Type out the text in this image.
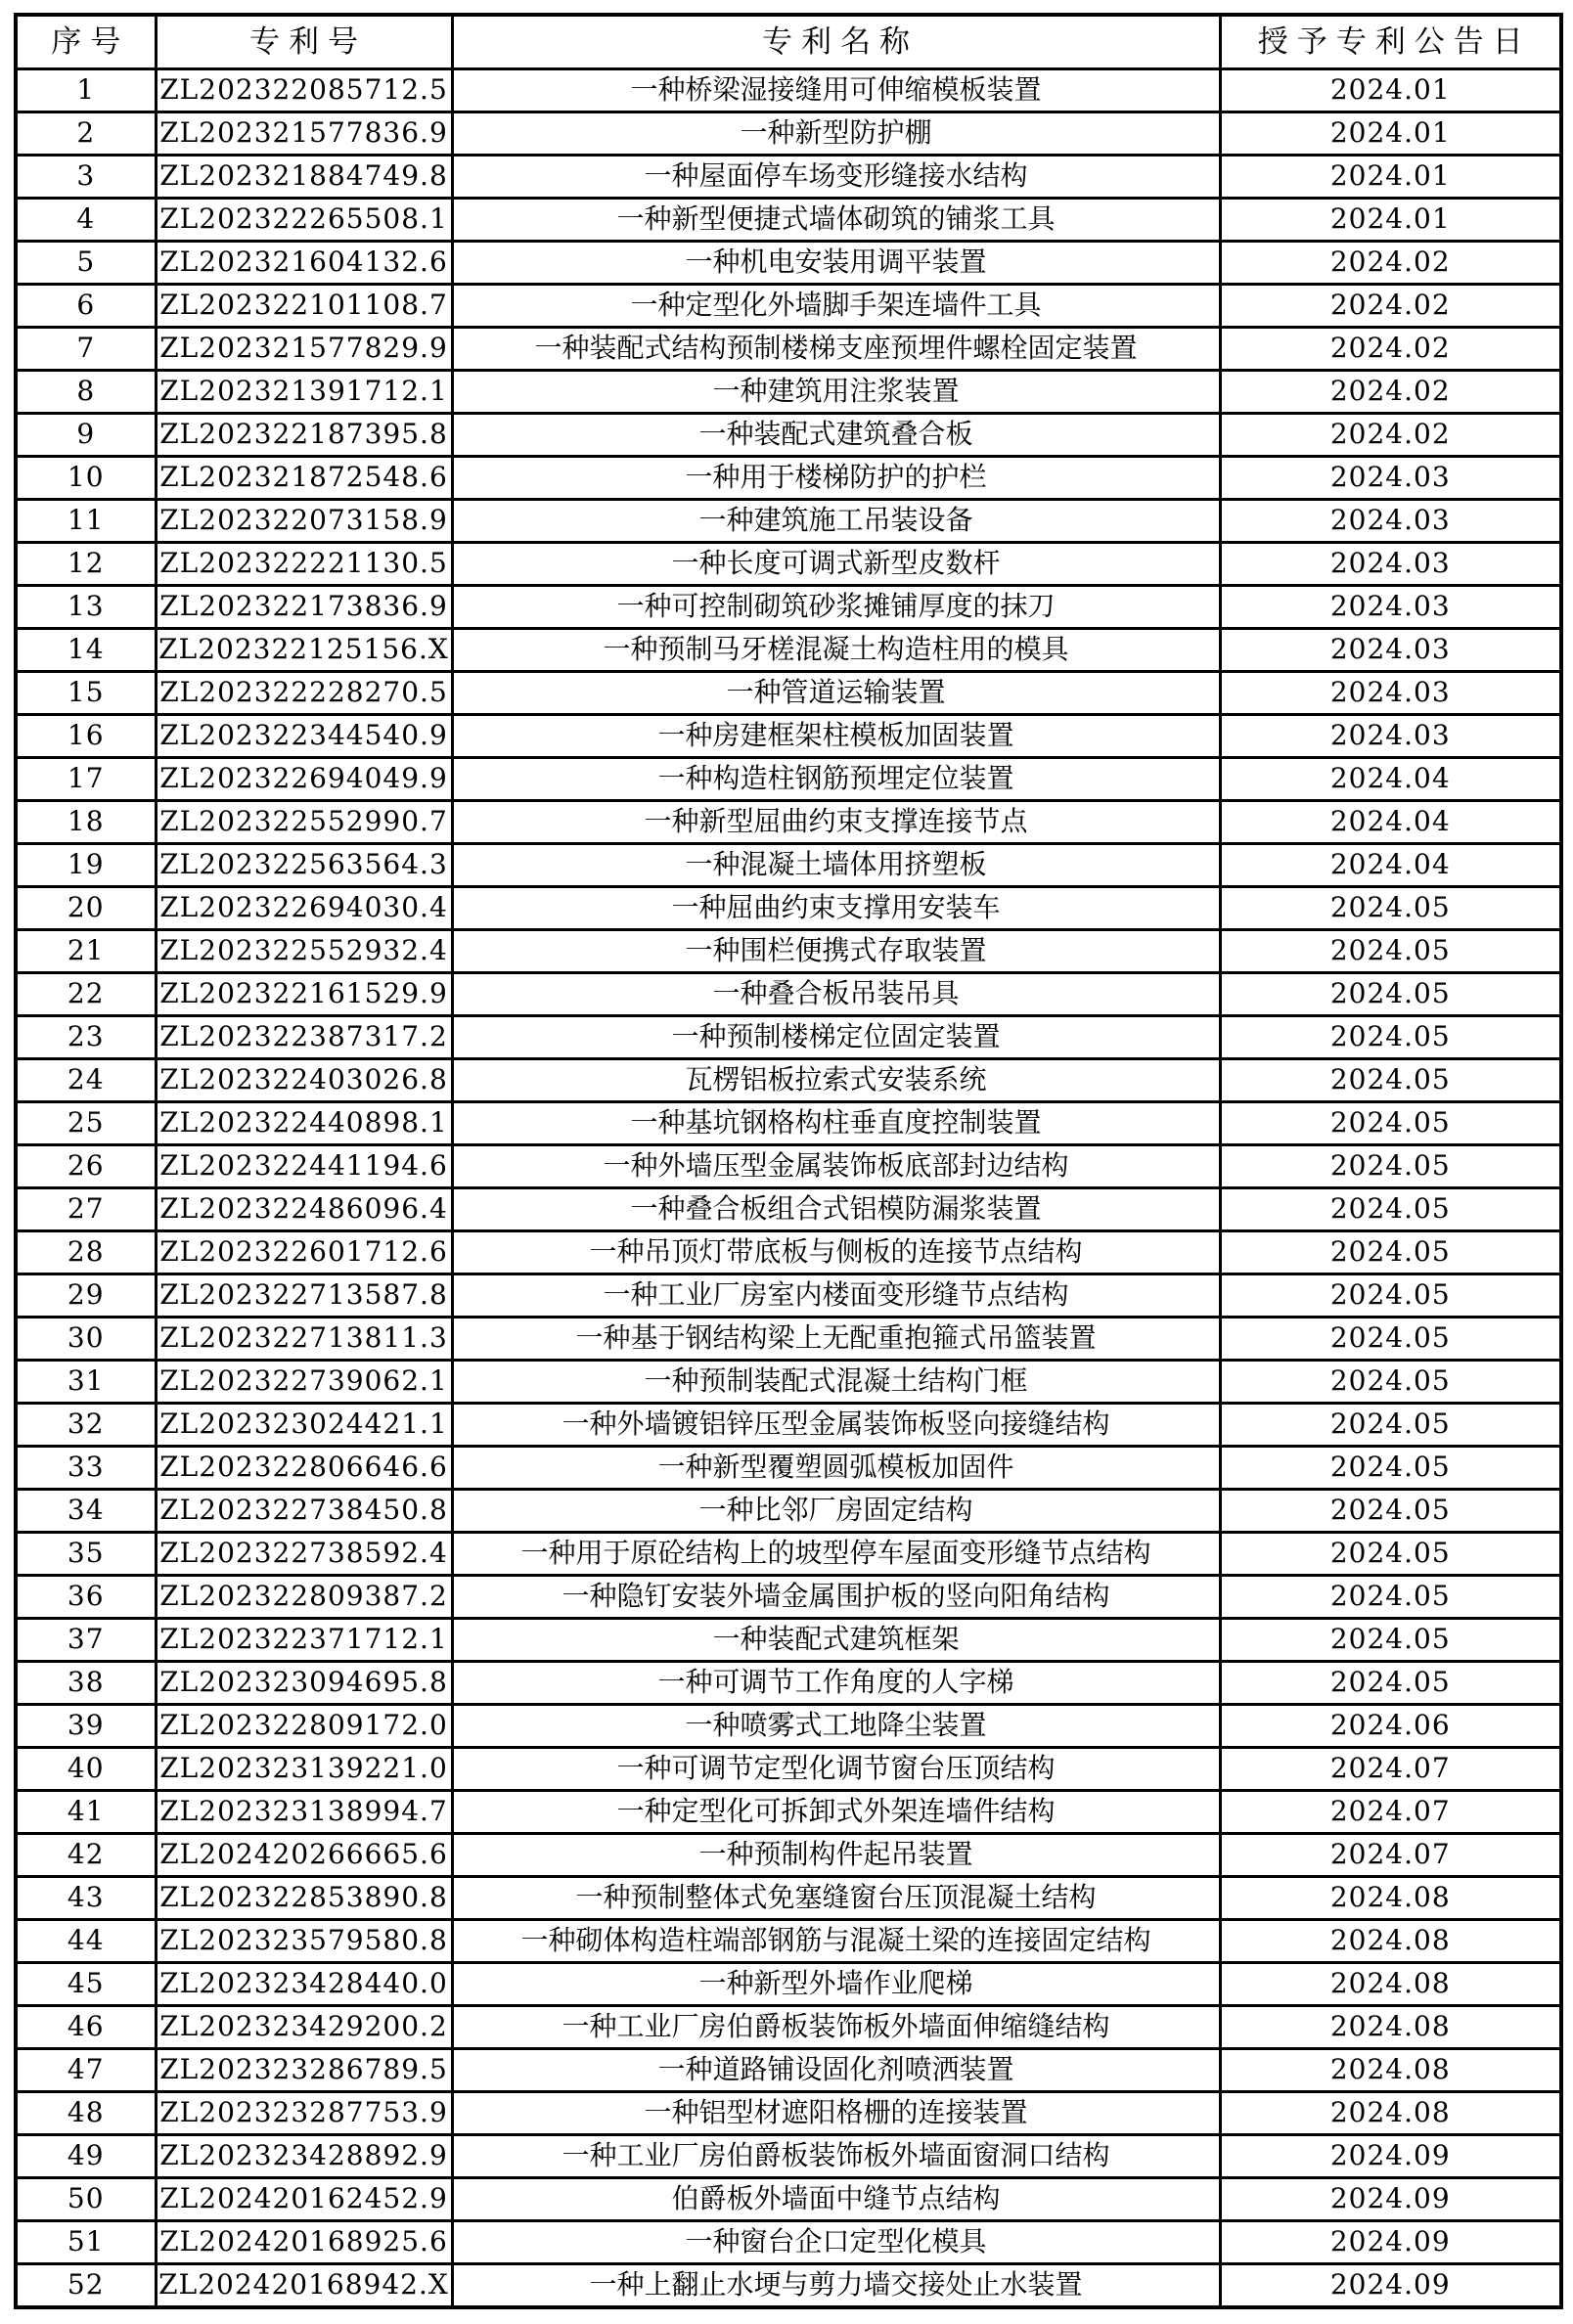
序号	专利号	专利名称	授予专利公告日
1	ZL202322085712.5	一种桥梁湿接缝用可伸缩模板装置	2024.01
2	ZL202321577836.9	一种新型防护棚	2024.01
3	ZL202321884749.8	一种屋面停车场变形缝接水结构	2024.01
4	ZL202322265508.1	一种新型便捷式墙体砌筑的铺浆工具	2024.01
5	ZL202321604132.6	一种机电安装用调平装置	2024.02
6	ZL202322101108.7	一种定型化外墙脚手架连墙件工具	2024.02
7	ZL202321577829.9	一种装配式结构预制楼梯支座预埋件螺栓固定装置	2024.02
8	ZL202321391712.1	一种建筑用注浆装置	2024.02
9	ZL202322187395.8	一种装配式建筑叠合板	2024.02
10	ZL202321872548.6	一种用于楼梯防护的护栏	2024.03
11	ZL202322073158.9	一种建筑施工吊装设备	2024.03
12	ZL202322221130.5	一种长度可调式新型皮数杆	2024.03
13	ZL202322173836.9	一种可控制砌筑砂浆摊铺厚度的抹刀	2024.03
14	ZL202322125156.X	一种预制马牙槎混凝土构造柱用的模具	2024.03
15	ZL202322228270.5	一种管道运输装置	2024.03
16	ZL202322344540.9	一种房建框架柱模板加固装置	2024.03
17	ZL202322694049.9	一种构造柱钢筋预埋定位装置	2024.04
18	ZL202322552990.7	一种新型屈曲约束支撑连接节点	2024.04
19	ZL202322563564.3	一种混凝土墙体用挤塑板	2024.04
20	ZL202322694030.4	一种屈曲约束支撑用安装车	2024.05
21	ZL202322552932.4	一种围栏便携式存取装置	2024.05
22	ZL202322161529.9	一种叠合板吊装吊具	2024.05
23	ZL202322387317.2	一种预制楼梯定位固定装置	2024.05
24	ZL202322403026.8	瓦楞铝板拉索式安装系统	2024.05
25	ZL202322440898.1	一种基坑钢格构柱垂直度控制装置	2024.05
26	ZL202322441194.6	一种外墙压型金属装饰板底部封边结构	2024.05
27	ZL202322486096.4	一种叠合板组合式铝模防漏浆装置	2024.05
28	ZL202322601712.6	一种吊顶灯带底板与侧板的连接节点结构	2024.05
29	ZL202322713587.8	一种工业厂房室内楼面变形缝节点结构	2024.05
30	ZL202322713811.3	一种基于钢结构梁上无配重抱箍式吊篮装置	2024.05
31	ZL202322739062.1	一种预制装配式混凝土结构门框	2024.05
32	ZL202323024421.1	一种外墙镀铝锌压型金属装饰板竖向接缝结构	2024.05
33	ZL202322806646.6	一种新型覆塑圆弧模板加固件	2024.05
34	ZL202322738450.8	一种比邻厂房固定结构	2024.05
35	ZL202322738592.4	一种用于原砼结构上的坡型停车屋面变形缝节点结构	2024.05
36	ZL202322809387.2	一种隐钉安装外墙金属围护板的竖向阳角结构	2024.05
37	ZL202322371712.1	一种装配式建筑框架	2024.05
38	ZL202323094695.8	一种可调节工作角度的人字梯	2024.05
39	ZL202322809172.0	一种喷雾式工地降尘装置	2024.06
40	ZL202323139221.0	一种可调节定型化调节窗台压顶结构	2024.07
41	ZL202323138994.7	一种定型化可拆卸式外架连墙件结构	2024.07
42	ZL202420266665.6	一种预制构件起吊装置	2024.07
43	ZL202322853890.8	一种预制整体式免塞缝窗台压顶混凝土结构	2024.08
44	ZL202323579580.8	一种砌体构造柱端部钢筋与混凝土梁的连接固定结构	2024.08
45	ZL202323428440.0	一种新型外墙作业爬梯	2024.08
46	ZL202323429200.2	一种工业厂房伯爵板装饰板外墙面伸缩缝结构	2024.08
47	ZL202323286789.5	一种道路铺设固化剂喷洒装置	2024.08
48	ZL202323287753.9	一种铝型材遮阳格栅的连接装置	2024.08
49	ZL202323428892.9	一种工业厂房伯爵板装饰板外墙面窗洞口结构	2024.09
50	ZL202420162452.9	伯爵板外墙面中缝节点结构	2024.09
51	ZL202420168925.6	一种窗台企口定型化模具	2024.09
52	ZL202420168942.X	一种上翻止水埂与剪力墙交接处止水装置	2024.09
